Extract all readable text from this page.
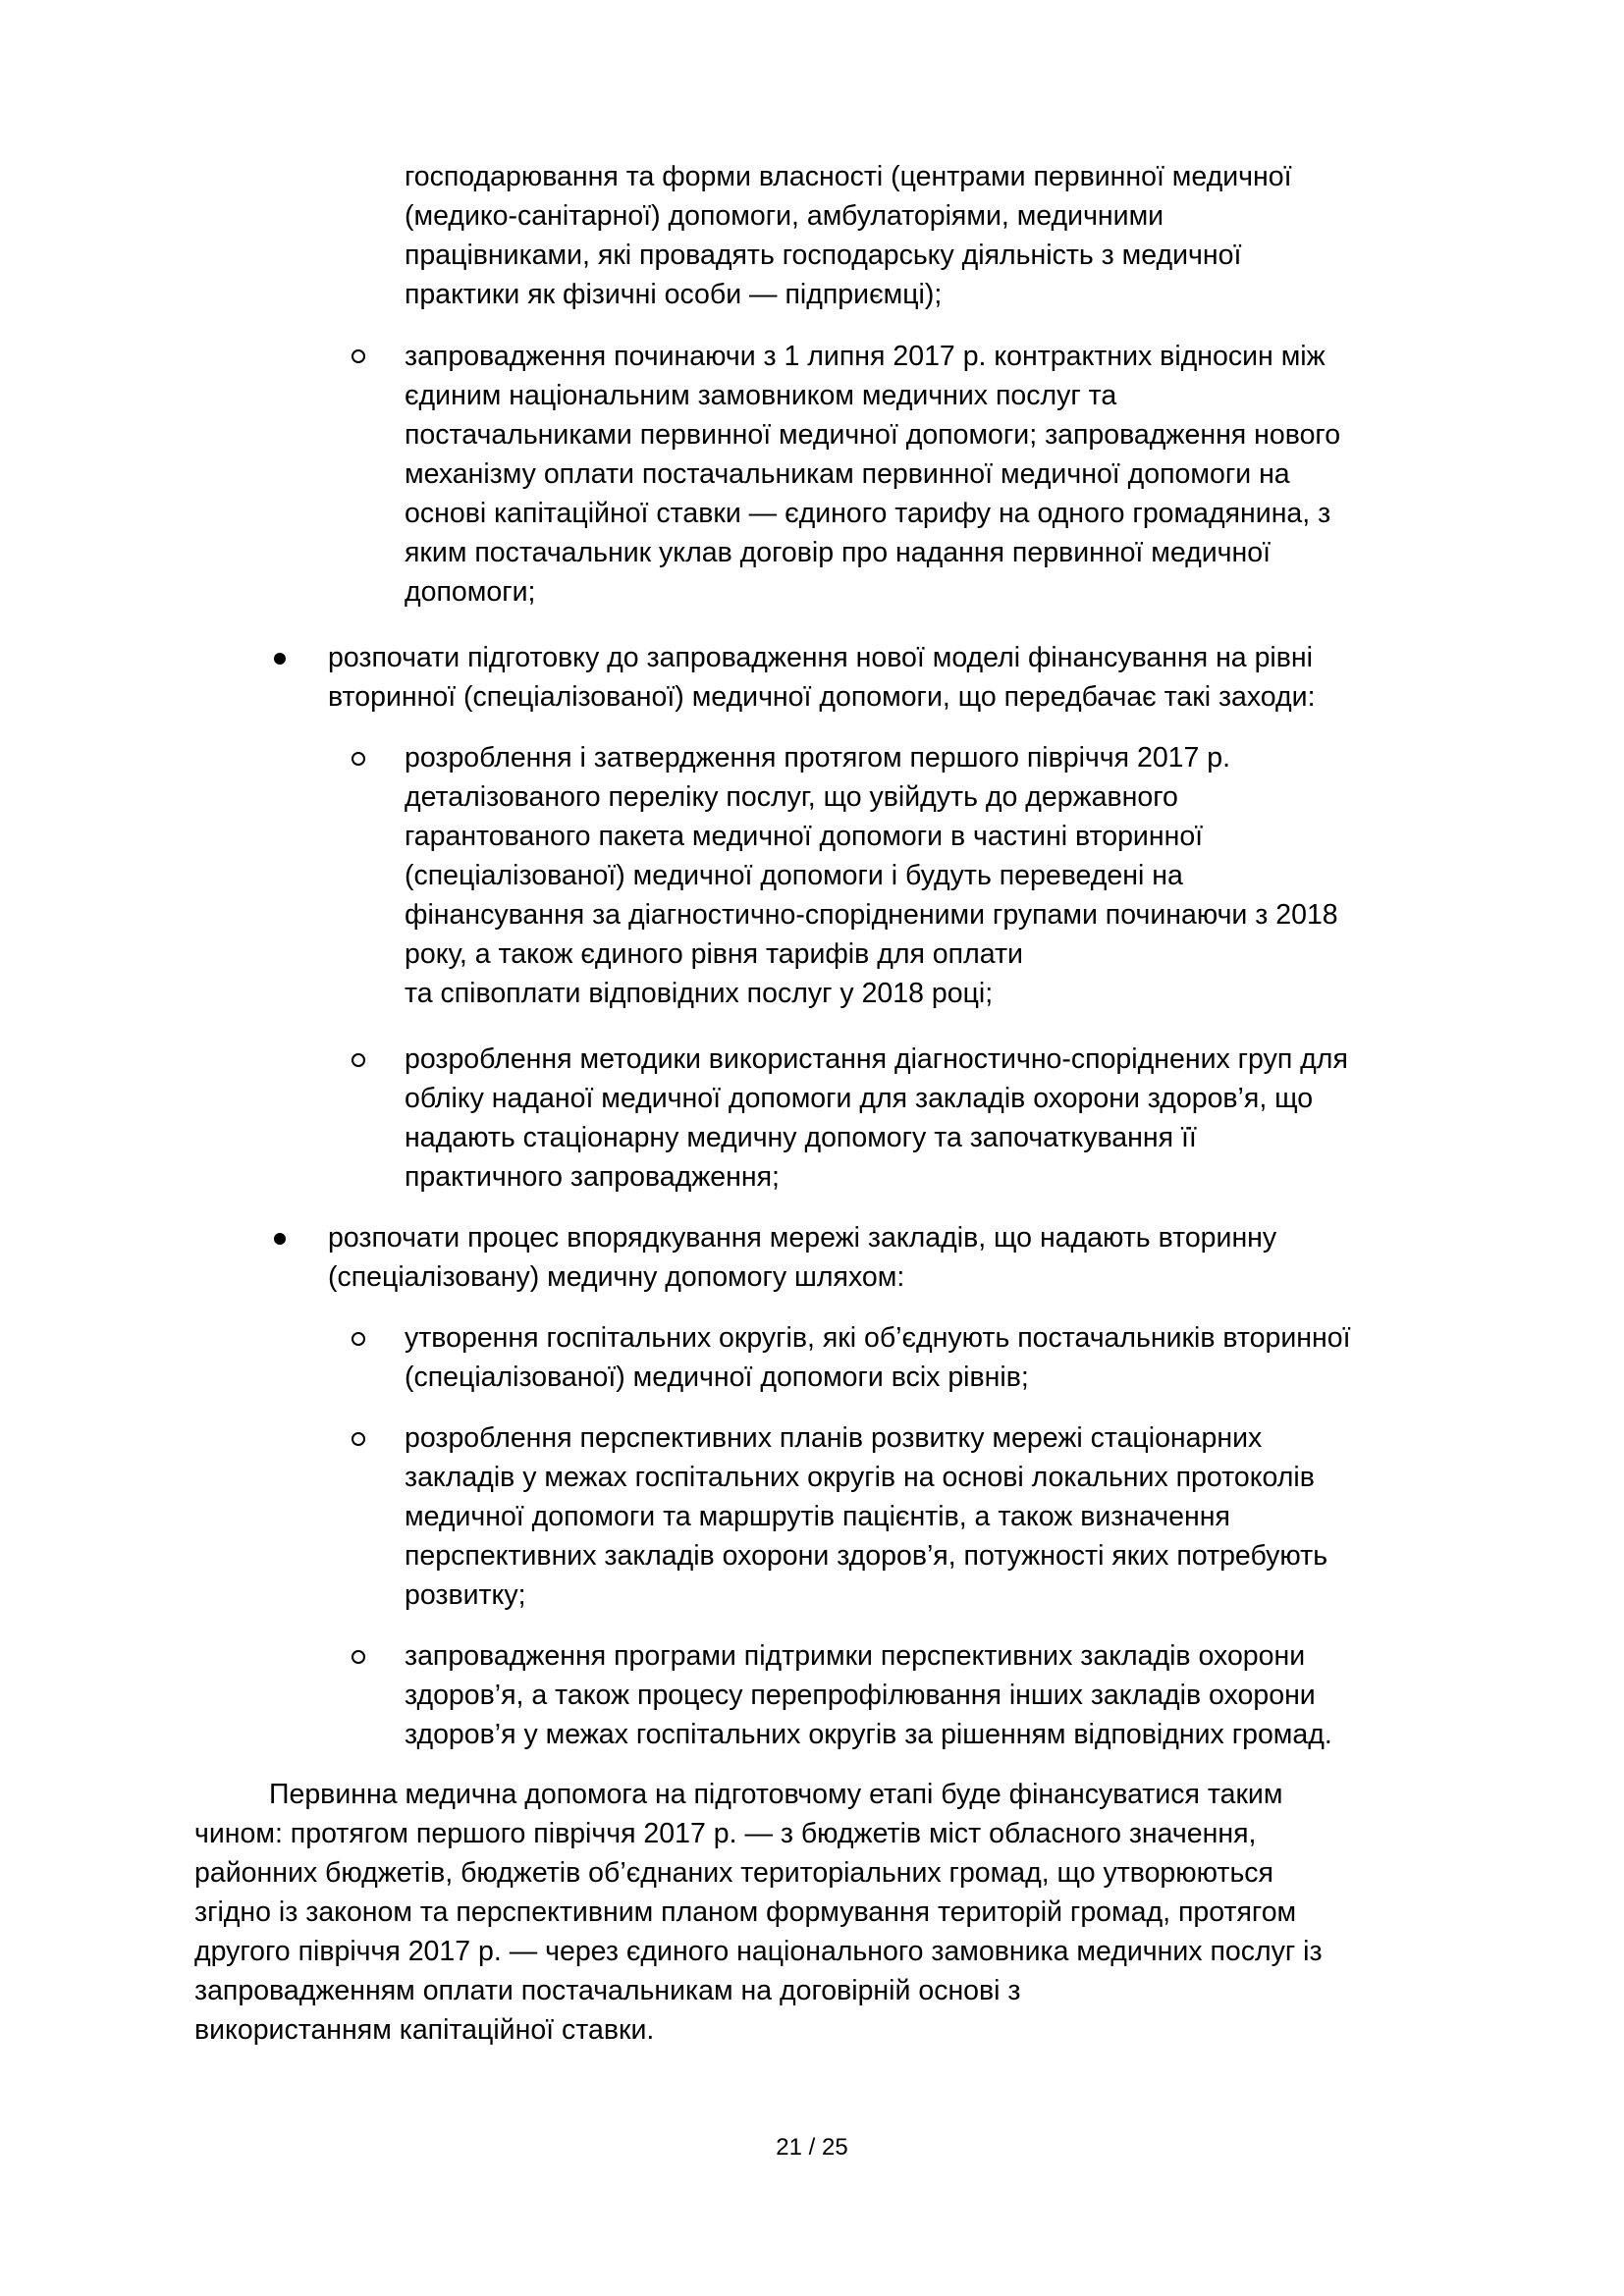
господарювання та форми власності (центрами первинної медичної

(медико-санітарної) допомоги, амбулаторіями, медичними

працівниками, які провадять господарську діяльність з медичної

практики як фізичні особи — підприємці);

запровадження починаючи з 1 липня 2017 р. контрактних відносин між

єдиним національним замовником медичних послуг та

постачальниками первинної медичної допомоги; запровадження нового

механізму оплати постачальникам первинної медичної допомоги на

основі капітаційної ставки — єдиного тарифу на одного громадянина, з

яким постачальник уклав договір про надання первинної медичної

допомоги;

розпочати підготовку до запровадження нової моделі фінансування на рівні

вторинної (спеціалізованої) медичної допомоги, що передбачає такі заходи:

розроблення і затвердження протягом першого півріччя 2017 р.

деталізованого переліку послуг, що увійдуть до державного

гарантованого пакета медичної допомоги в частині вторинної

(спеціалізованої) медичної допомоги і будуть переведені на

фінансування за діагностично-спорідненими групами починаючи з 2018

року, а також єдиного рівня тарифів для оплати

та співоплати відповідних послуг у 2018 році;

розроблення методики використання діагностично-споріднених груп для

обліку наданої медичної допомоги для закладів охорони здоров’я, що

надають стаціонарну медичну допомогу та започаткування її

практичного запровадження;

розпочати процес впорядкування мережі закладів, що надають вторинну

(спеціалізовану) медичну допомогу шляхом:

утворення госпітальних округів, які об’єднують постачальників вторинної

(спеціалізованої) медичної допомоги всіх рівнів;

розроблення перспективних планів розвитку мережі стаціонарних

закладів у межах госпітальних округів на основі локальних протоколів

медичної допомоги та маршрутів пацієнтів, а також визначення

перспективних закладів охорони здоров’я, потужності яких потребують

розвитку;

запровадження програми підтримки перспективних закладів охорони

здоров’я, а також процесу перепрофілювання інших закладів охорони

здоров’я у межах госпітальних округів за рішенням відповідних громад.

Первинна медична допомога на підготовчому етапі буде фінансуватися таким

чином: протягом першого півріччя 2017 р. — з бюджетів міст обласного значення,

районних бюджетів, бюджетів об’єднаних територіальних громад, що утворюються

згідно із законом та перспективним планом формування територій громад, протягом

другого півріччя 2017 р. — через єдиного національного замовника медичних послуг із

запровадженням оплати постачальникам на договірній основі з

використанням капітаційної ставки.

21 / 25
